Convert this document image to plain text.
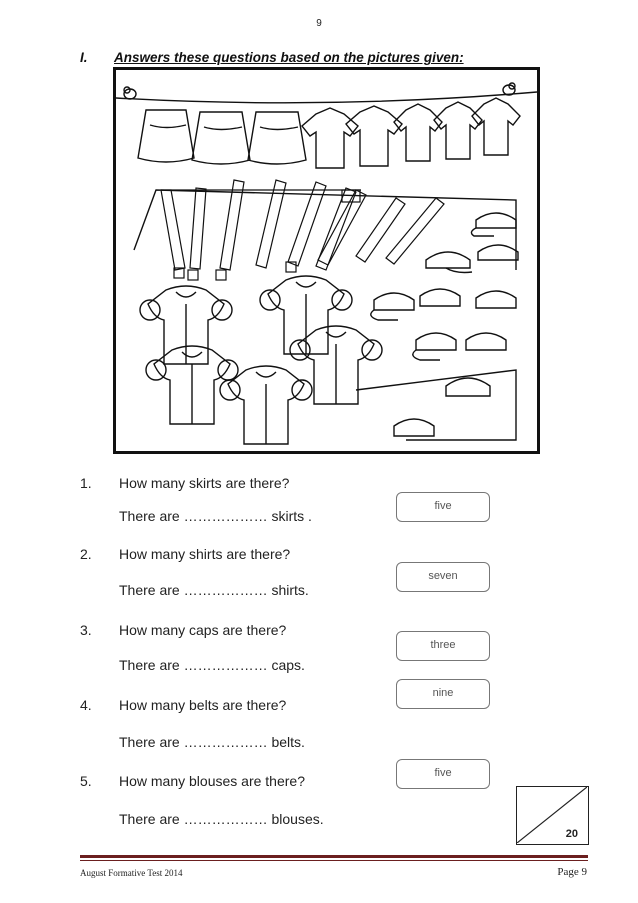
9
I. Answers these questions based on the pictures given:
1. How many skirts are there?
There are ……………… skirts .
five
2. How many shirts are there?
There are ……………… shirts.
seven
3. How many caps are there?
There are ……………… caps.
three
4. How many belts are there?
There are ……………… belts.
nine
5. How many blouses are there?
There are ……………… blouses.
five
20
August Formative Test 2014	Page 9
